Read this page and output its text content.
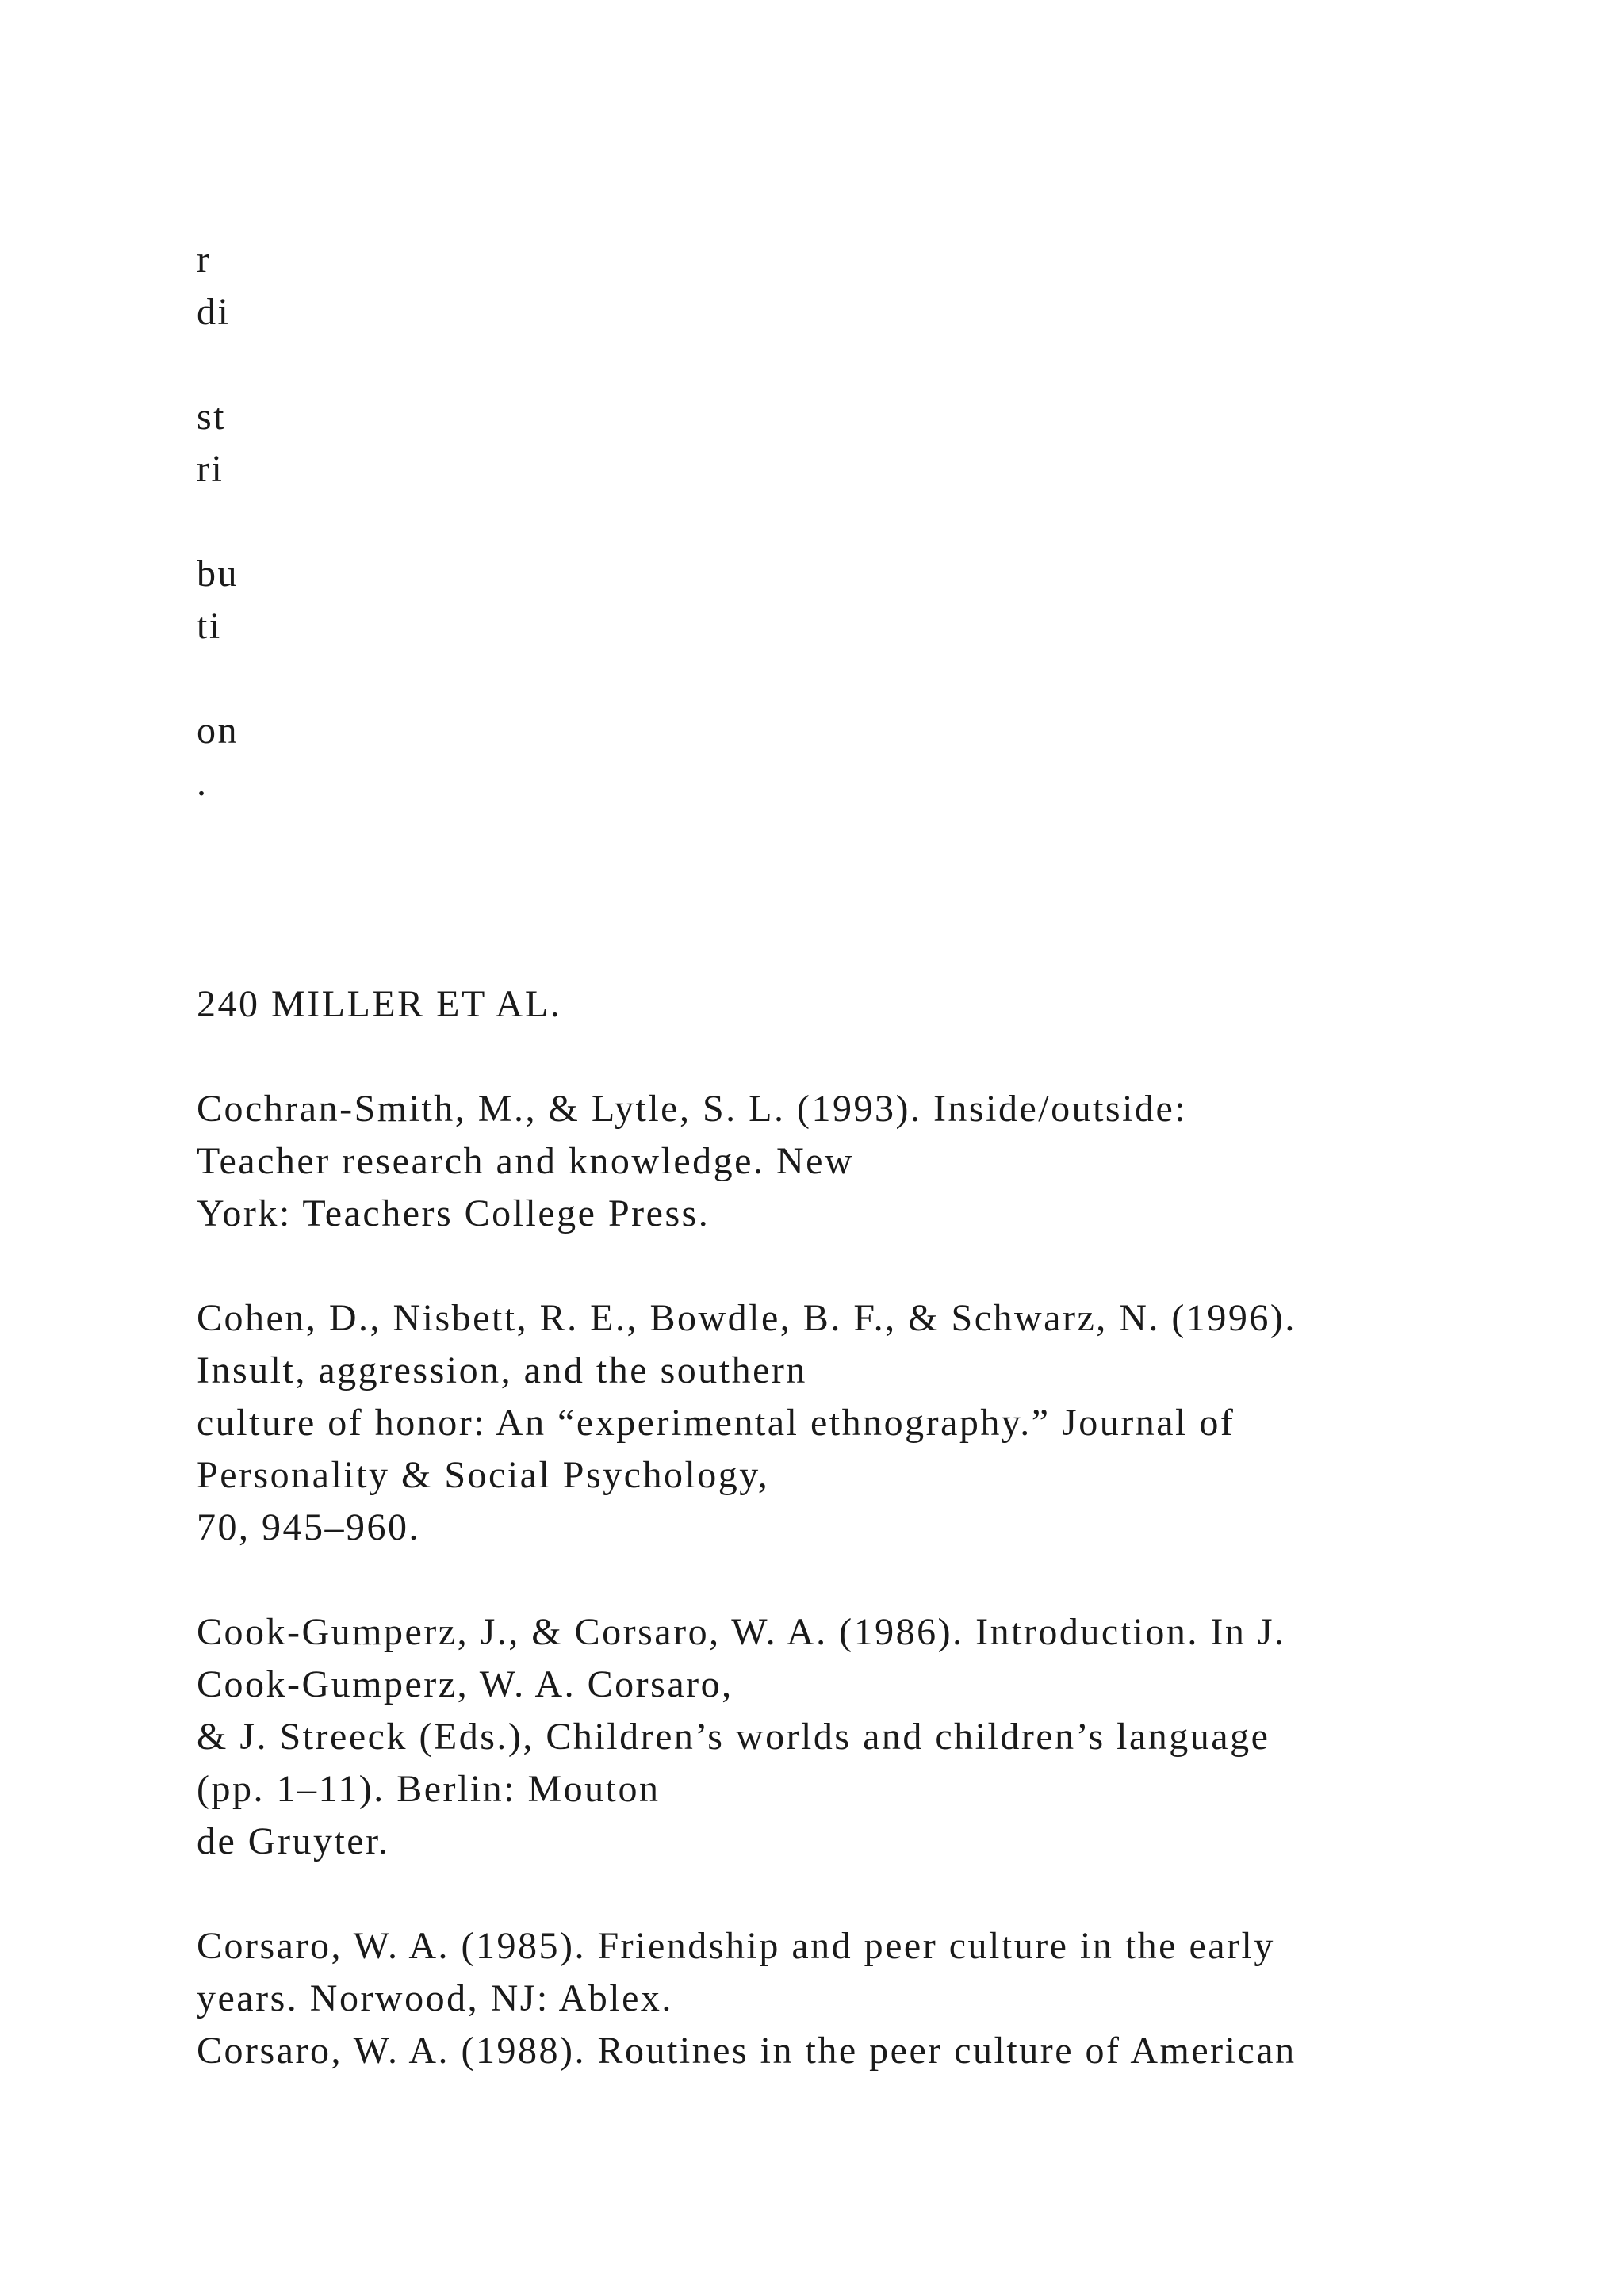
r
di
st
ri
bu
ti
on
.
240 MILLER ET AL.
Cochran-Smith, M., & Lytle, S. L. (1993). Inside/outside:
Teacher research and knowledge. New
York: Teachers College Press.
Cohen, D., Nisbett, R. E., Bowdle, B. F., & Schwarz, N. (1996).
Insult, aggression, and the southern
culture of honor: An “experimental ethnography.” Journal of
Personality & Social Psychology,
70, 945–960.
Cook-Gumperz, J., & Corsaro, W. A. (1986). Introduction. In J.
Cook-Gumperz, W. A. Corsaro,
& J. Streeck (Eds.), Children’s worlds and children’s language
(pp. 1–11). Berlin: Mouton
de Gruyter.
Corsaro, W. A. (1985). Friendship and peer culture in the early
years. Norwood, NJ: Ablex.
Corsaro, W. A. (1988). Routines in the peer culture of American
